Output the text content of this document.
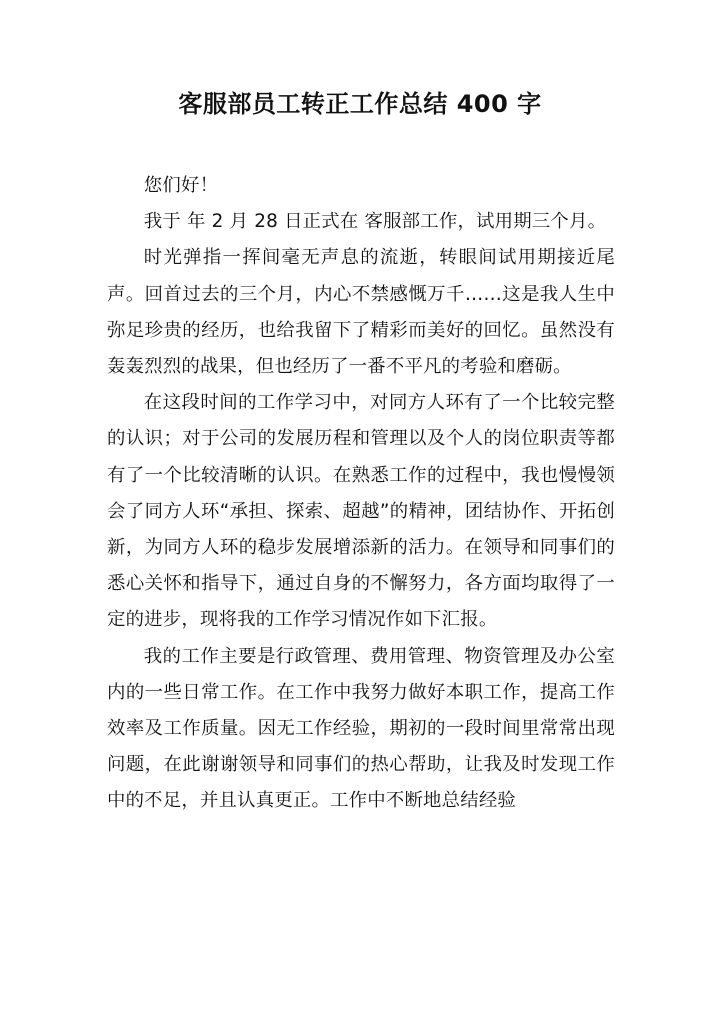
客服部员工转正工作总结 400 字

您们好！

我于 年 2 月 28 日正式在 客服部工作，试用期三个月。

时光弹指一挥间毫无声息的流逝，转眼间试用期接近尾声。回首过去的三个月，内心不禁感慨万千……这是我人生中弥足珍贵的经历，也给我留下了精彩而美好的回忆。虽然没有轰轰烈烈的战果，但也经历了一番不平凡的考验和磨砺。

在这段时间的工作学习中，对同方人环有了一个比较完整的认识；对于公司的发展历程和管理以及个人的岗位职责等都有了一个比较清晰的认识。在熟悉工作的过程中，我也慢慢领会了同方人环“承担、探索、超越”的精神，团结协作、开拓创新，为同方人环的稳步发展增添新的活力。在领导和同事们的悉心关怀和指导下，通过自身的不懈努力，各方面均取得了一定的进步，现将我的工作学习情况作如下汇报。

我的工作主要是行政管理、费用管理、物资管理及办公室内的一些日常工作。在工作中我努力做好本职工作，提高工作效率及工作质量。因无工作经验，期初的一段时间里常常出现问题，在此谢谢领导和同事们的热心帮助，让我及时发现工作中的不足，并且认真更正。工作中不断地总结经验
